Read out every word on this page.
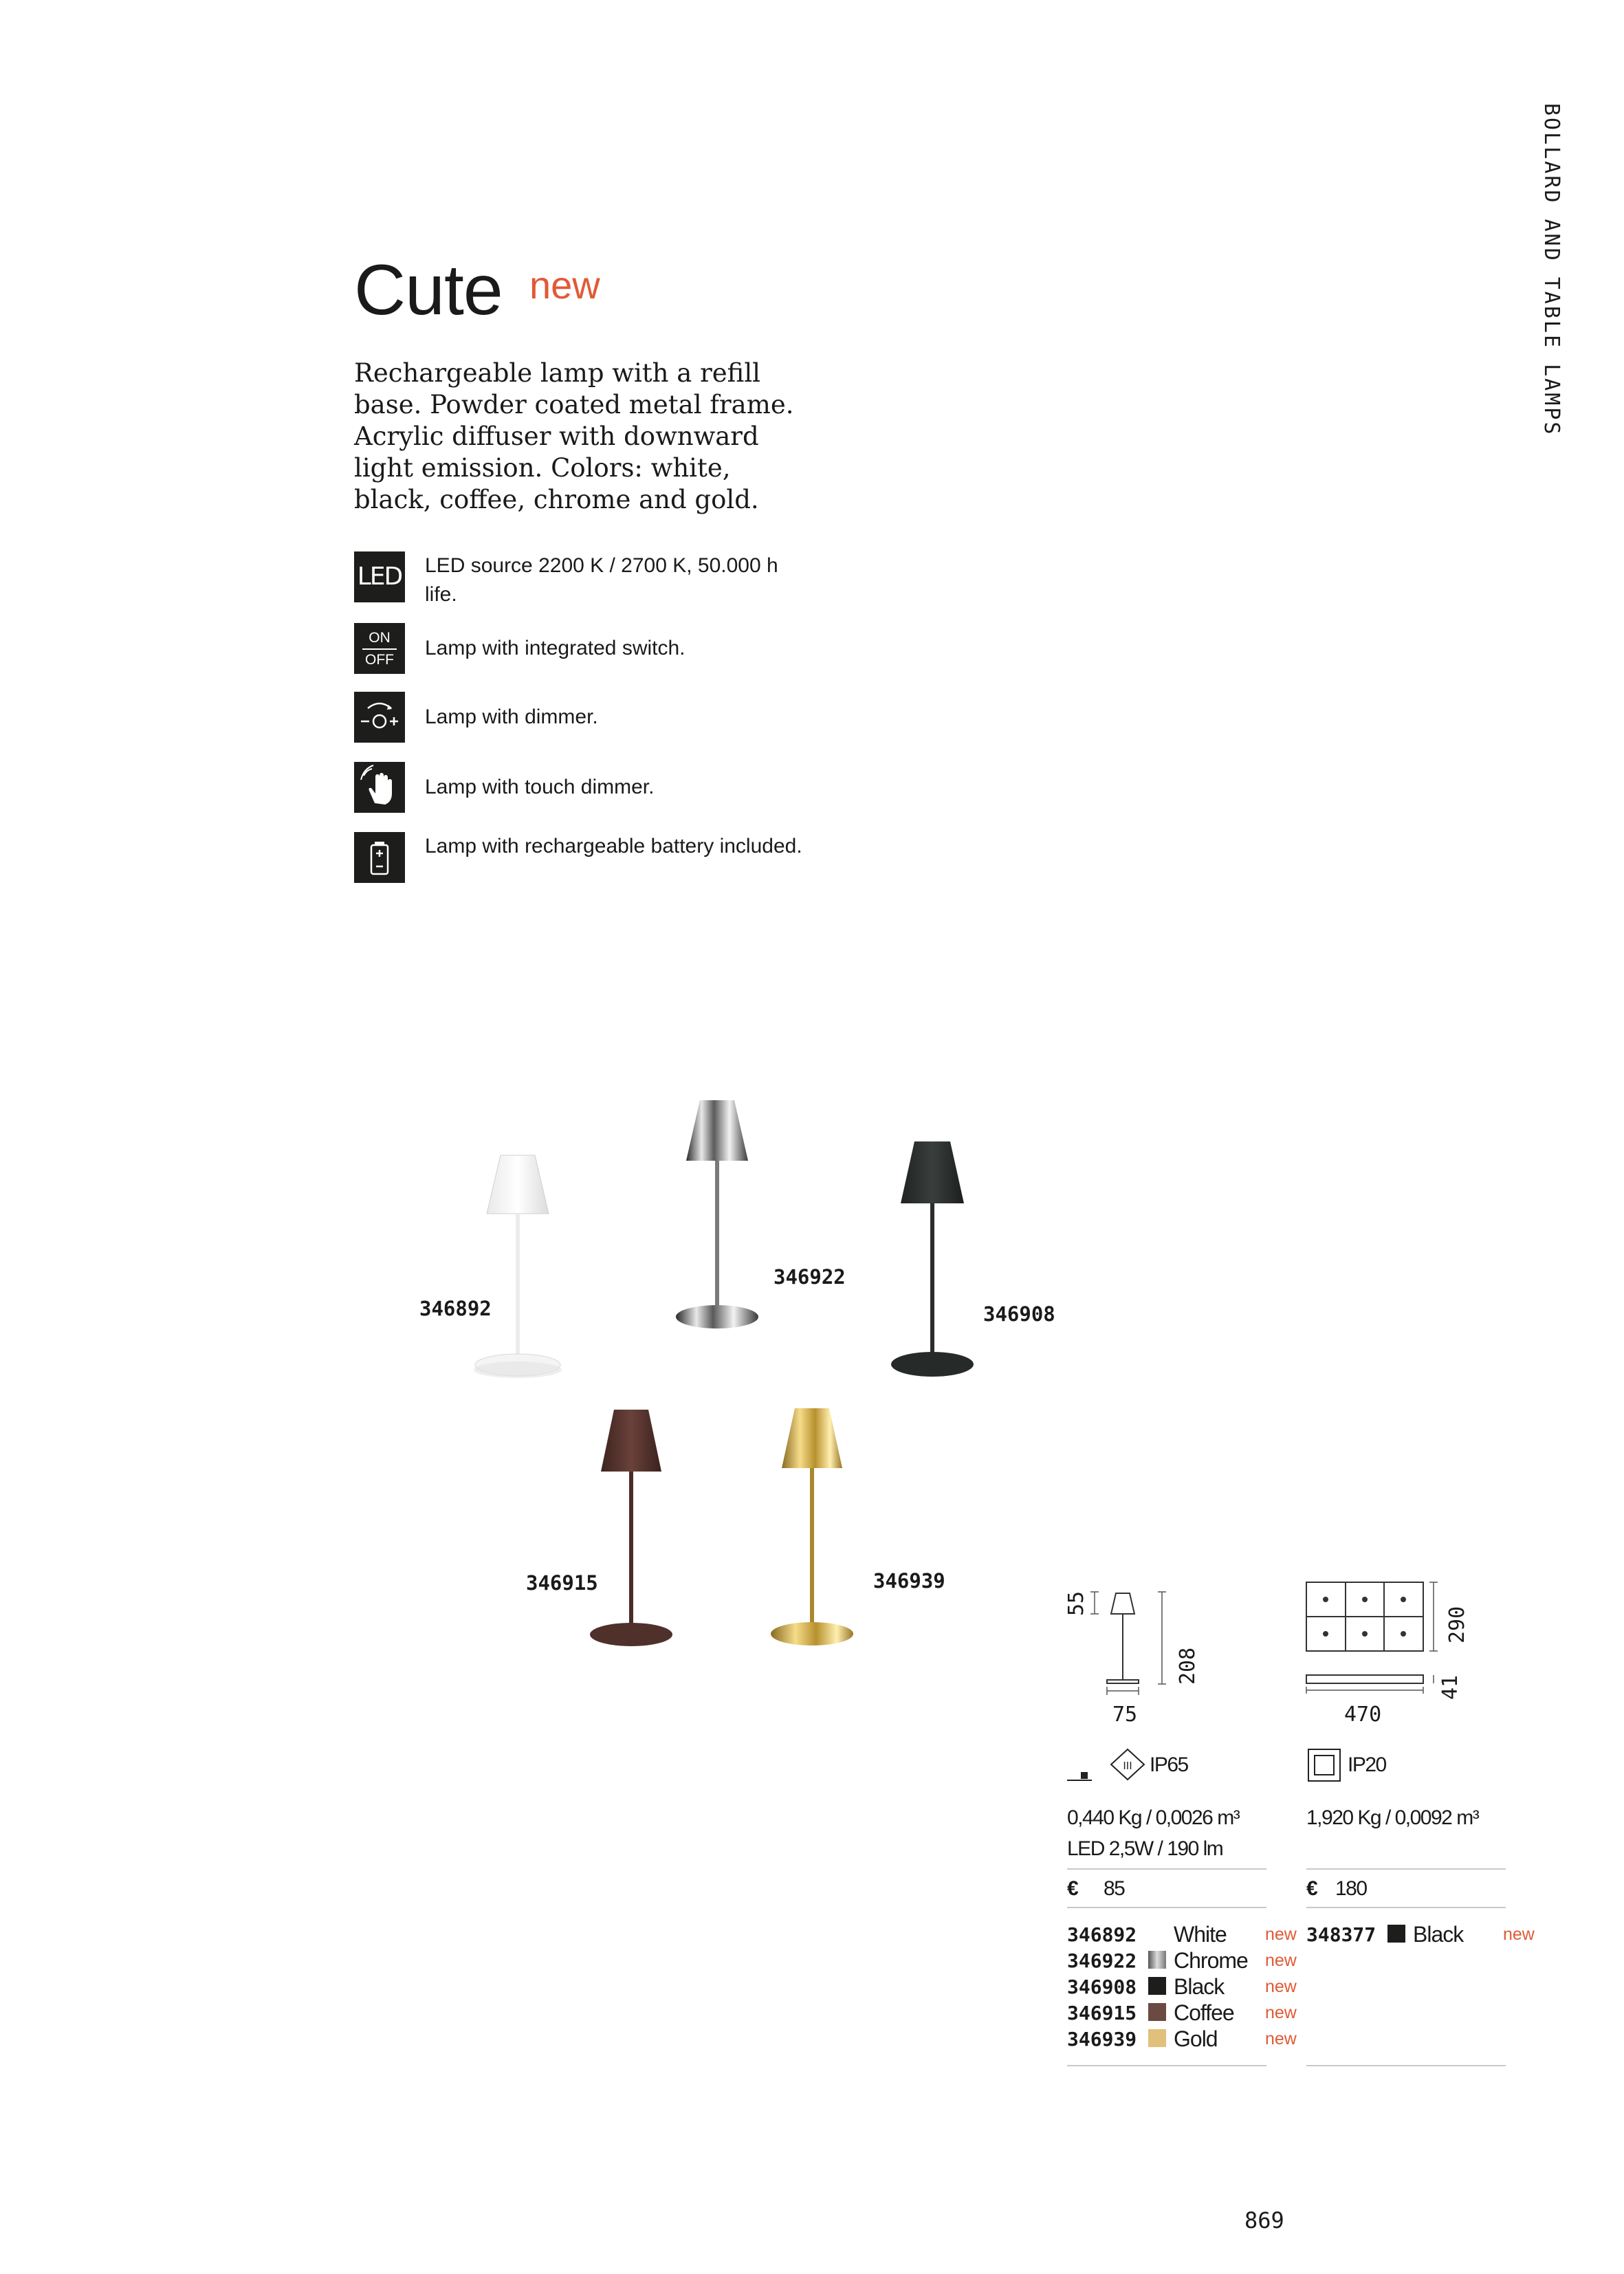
BOLLARD AND TABLE LAMPS
Cute new
Rechargeable lamp with a refill base. Powder coated metal frame. Acrylic diffuser with downward light emission. Colors: white, black, coffee, chrome and gold.
LED LED source 2200 K / 2700 K, 50.000 h life.
ON
OFF
Lamp with integrated switch.
Lamp with dimmer.
Lamp with touch dimmer.
Lamp with rechargeable battery included.
346892
346922
346908
346915	346939
55
208
75
III IP65
0,440 Kg / 0,0026 m³
LED 2,5W / 190 lm
€ 85
346892 White new
346922 Chrome new
346908 Black new
346915 Coffee new
346939 Gold	new
290
41
470
IP20
1,920 Kg / 0,0092 m³
€ 180
348377 Black new
869
